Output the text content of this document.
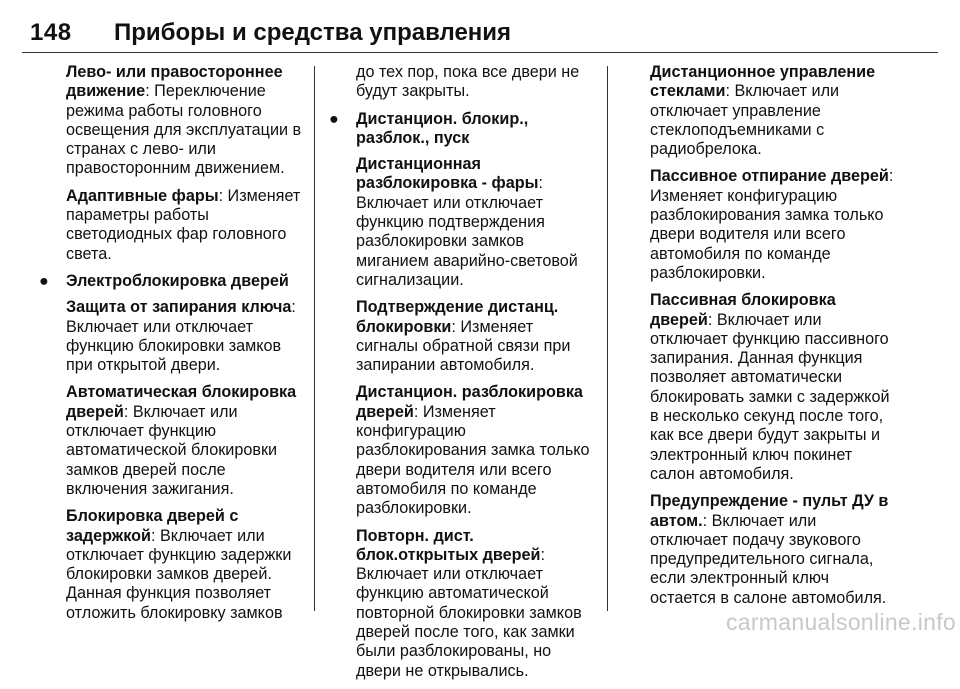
148 Приборы и средства управления

Лево- или правостороннее движение: Переключение режима работы головного освещения для эксплуатации в странах с лево- или правосторонним движением.

Адаптивные фары: Изменяет параметры работы светодиодных фар головного света.

● Электроблокировка дверей

Защита от запирания ключа: Включает или отключает функцию блокировки замков при открытой двери.

Автоматическая блокировка дверей: Включает или отключает функцию автоматической блокировки замков дверей после включения зажигания.

Блокировка дверей с задержкой: Включает или отключает функцию задержки блокировки замков дверей. Данная функция позволяет отложить блокировку замков

до тех пор, пока все двери не будут закрыты.

● Дистанцион. блокир., разблок., пуск

Дистанционная разблокировка - фары: Включает или отключает функцию подтверждения разблокировки замков миганием аварийно-световой сигнализации.

Подтверждение дистанц. блокировки: Изменяет сигналы обратной связи при запирании автомобиля.

Дистанцион. разблокировка дверей: Изменяет конфигурацию разблокирования замка только двери водителя или всего автомобиля по команде разблокировки.

Повторн. дист. блок.открытых дверей: Включает или отключает функцию автоматической повторной блокировки замков дверей после того, как замки были разблокированы, но двери не открывались.

Дистанционное управление стеклами: Включает или отключает управление стеклоподъемниками с радиобрелока.

Пассивное отпирание дверей: Изменяет конфигурацию разблокирования замка только двери водителя или всего автомобиля по команде разблокировки.

Пассивная блокировка дверей: Включает или отключает функцию пассивного запирания. Данная функция позволяет автоматически блокировать замки с задержкой в несколько секунд после того, как все двери будут закрыты и электронный ключ покинет салон автомобиля.

Предупреждение - пульт ДУ в автом.: Включает или отключает подачу звукового предупредительного сигнала, если электронный ключ остается в салоне автомобиля.

carmanualsonline.info
